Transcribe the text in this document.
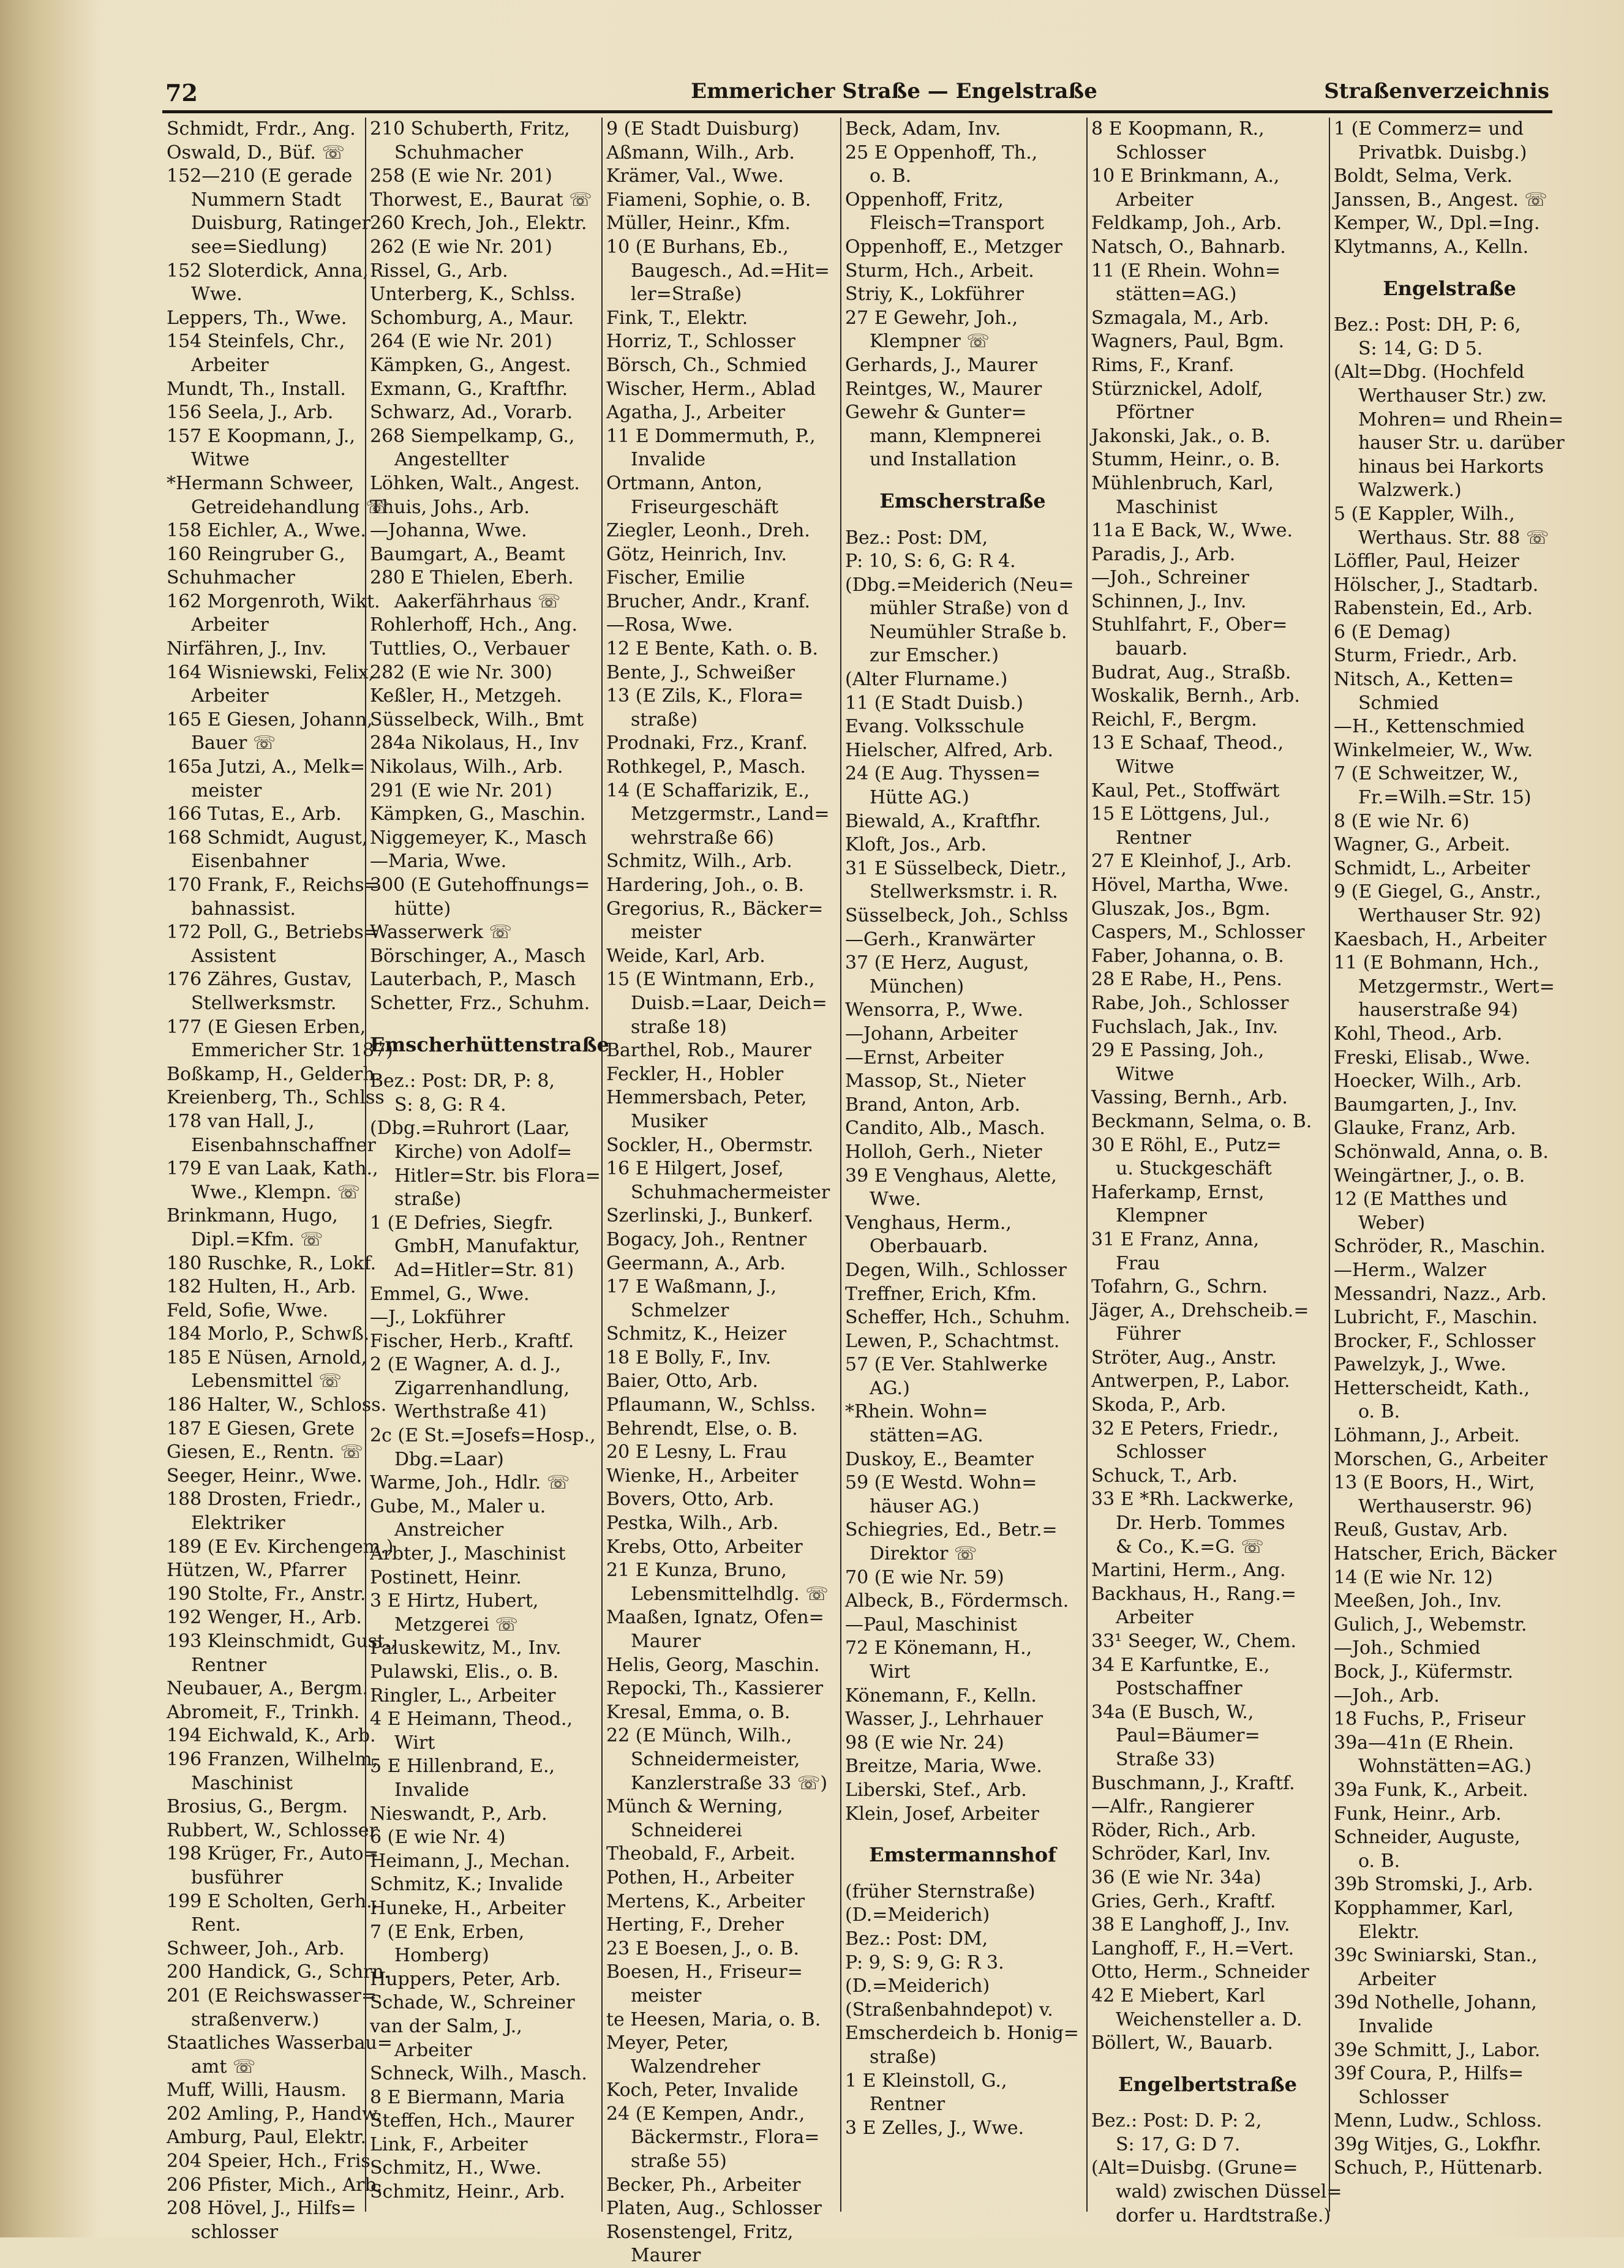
72	Emmericher Straße — Engelstraße	Straßenverzeichnis
Schmidt, Frdr., Ang.
Oswald, D., Büf. ☏
152—210 (E gerade
Nummern Stadt
Duisburg, Ratinger
see=Siedlung)
152 Sloterdick, Anna,
Wwe.
Leppers, Th., Wwe.
154 Steinfels, Chr.,
Arbeiter
Mundt, Th., Install.
156 Seela, J., Arb.
157 E Koopmann, J.,
Witwe
*Hermann Schweer,
Getreidehandlung ☏
158 Eichler, A., Wwe.
160 Reingruber G.,
Schuhmacher
162 Morgenroth, Wikt.
Arbeiter
Nirfähren, J., Inv.
164 Wisniewski, Felix,
Arbeiter
165 E Giesen, Johann,
Bauer ☏
165a Jutzi, A., Melk=
meister
166 Tutas, E., Arb.
168 Schmidt, August,
Eisenbahner
170 Frank, F., Reichs=
bahnassist.
172 Poll, G., Betriebs=
Assistent
176 Zähres, Gustav,
Stellwerksmstr.
177 (E Giesen Erben,
Emmericher Str. 187)
Boßkamp, H., Gelderh.
Kreienberg, Th., Schlss
178 van Hall, J.,
Eisenbahnschaffner
179 E van Laak, Kath.,
Wwe., Klempn. ☏
Brinkmann, Hugo,
Dipl.=Kfm. ☏
180 Ruschke, R., Lokf.
182 Hulten, H., Arb.
Feld, Sofie, Wwe.
184 Morlo, P., Schwß.
185 E Nüsen, Arnold,
Lebensmittel ☏
186 Halter, W., Schloss.
187 E Giesen, Grete
Giesen, E., Rentn. ☏
Seeger, Heinr., Wwe.
188 Drosten, Friedr.,
Elektriker
189 (E Ev. Kirchengem.)
Hützen, W., Pfarrer
190 Stolte, Fr., Anstr.
192 Wenger, H., Arb.
193 Kleinschmidt, Gust.,
Rentner
Neubauer, A., Bergm.
Abromeit, F., Trinkh.
194 Eichwald, K., Arb.
196 Franzen, Wilhelm,
Maschinist
Brosius, G., Bergm.
Rubbert, W., Schlosser
198 Krüger, Fr., Auto=
busführer
199 E Scholten, Gerh.,
Rent.
Schweer, Joh., Arb.
200 Handick, G., Schrn.
201 (E Reichswasser=
straßenverw.)
Staatliches Wasserbau=
amt ☏
Muff, Willi, Hausm.
202 Amling, P., Handw.
Amburg, Paul, Elektr.
204 Speier, Hch., Fris.
206 Pfister, Mich., Arb.
208 Hövel, J., Hilfs=
schlosser
210 Schuberth, Fritz,
Schuhmacher
258 (E wie Nr. 201)
Thorwest, E., Baurat ☏
260 Krech, Joh., Elektr.
262 (E wie Nr. 201)
Rissel, G., Arb.
Unterberg, K., Schlss.
Schomburg, A., Maur.
264 (E wie Nr. 201)
Kämpken, G., Angest.
Exmann, G., Kraftfhr.
Schwarz, Ad., Vorarb.
268 Siempelkamp, G.,
Angestellter
Löhken, Walt., Angest.
Thuis, Johs., Arb.
—Johanna, Wwe.
Baumgart, A., Beamt
280 E Thielen, Eberh.
Aakerfährhaus ☏
Rohlerhoff, Hch., Ang.
Tuttlies, O., Verbauer
282 (E wie Nr. 300)
Keßler, H., Metzgeh.
Süsselbeck, Wilh., Bmt
284a Nikolaus, H., Inv
Nikolaus, Wilh., Arb.
291 (E wie Nr. 201)
Kämpken, G., Maschin.
Niggemeyer, K., Masch
—Maria, Wwe.
300 (E Gutehoffnungs=
hütte)
Wasserwerk ☏
Börschinger, A., Masch
Lauterbach, P., Masch
Schetter, Frz., Schuhm.
Emscherhüttenstraße
Bez.: Post: DR, P: 8,
S: 8, G: R 4.
(Dbg.=Ruhrort (Laar,
Kirche) von Adolf=
Hitler=Str. bis Flora=
straße)
1 (E Defries, Siegfr.
GmbH, Manufaktur,
Ad=Hitler=Str. 81)
Emmel, G., Wwe.
—J., Lokführer
Fischer, Herb., Kraftf.
2 (E Wagner, A. d. J.,
Zigarrenhandlung,
Werthstraße 41)
2c (E St.=Josefs=Hosp.,
Dbg.=Laar)
Warme, Joh., Hdlr. ☏
Gube, M., Maler u.
Anstreicher
Arbter, J., Maschinist
Postinett, Heinr.
3 E Hirtz, Hubert,
Metzgerei ☏
Paluskewitz, M., Inv.
Pulawski, Elis., o. B.
Ringler, L., Arbeiter
4 E Heimann, Theod.,
Wirt
5 E Hillenbrand, E.,
Invalide
Nieswandt, P., Arb.
6 (E wie Nr. 4)
Heimann, J., Mechan.
Schmitz, K.; Invalide
Huneke, H., Arbeiter
7 (E Enk, Erben,
Homberg)
Huppers, Peter, Arb.
Schade, W., Schreiner
van der Salm, J.,
Arbeiter
Schneck, Wilh., Masch.
8 E Biermann, Maria
Steffen, Hch., Maurer
Link, F., Arbeiter
Schmitz, H., Wwe.
Schmitz, Heinr., Arb.
9 (E Stadt Duisburg)
Aßmann, Wilh., Arb.
Krämer, Val., Wwe.
Fiameni, Sophie, o. B.
Müller, Heinr., Kfm.
10 (E Burhans, Eb.,
Baugesch., Ad.=Hit=
ler=Straße)
Fink, T., Elektr.
Horriz, T., Schlosser
Börsch, Ch., Schmied
Wischer, Herm., Ablad
Agatha, J., Arbeiter
11 E Dommermuth, P.,
Invalide
Ortmann, Anton,
Friseurgeschäft
Ziegler, Leonh., Dreh.
Götz, Heinrich, Inv.
Fischer, Emilie
Brucher, Andr., Kranf.
—Rosa, Wwe.
12 E Bente, Kath. o. B.
Bente, J., Schweißer
13 (E Zils, K., Flora=
straße)
Prodnaki, Frz., Kranf.
Rothkegel, P., Masch.
14 (E Schaffarizik, E.,
Metzgermstr., Land=
wehrstraße 66)
Schmitz, Wilh., Arb.
Hardering, Joh., o. B.
Gregorius, R., Bäcker=
meister
Weide, Karl, Arb.
15 (E Wintmann, Erb.,
Duisb.=Laar, Deich=
straße 18)
Barthel, Rob., Maurer
Feckler, H., Hobler
Hemmersbach, Peter,
Musiker
Sockler, H., Obermstr.
16 E Hilgert, Josef,
Schuhmachermeister
Szerlinski, J., Bunkerf.
Bogacy, Joh., Rentner
Geermann, A., Arb.
17 E Waßmann, J.,
Schmelzer
Schmitz, K., Heizer
18 E Bolly, F., Inv.
Baier, Otto, Arb.
Pflaumann, W., Schlss.
Behrendt, Else, o. B.
20 E Lesny, L. Frau
Wienke, H., Arbeiter
Bovers, Otto, Arb.
Pestka, Wilh., Arb.
Krebs, Otto, Arbeiter
21 E Kunza, Bruno,
Lebensmittelhdlg. ☏
Maaßen, Ignatz, Ofen=
Maurer
Helis, Georg, Maschin.
Repocki, Th., Kassierer
Kresal, Emma, o. B.
22 (E Münch, Wilh.,
Schneidermeister,
Kanzlerstraße 33 ☏)
Münch & Werning,
Schneiderei
Theobald, F., Arbeit.
Pothen, H., Arbeiter
Mertens, K., Arbeiter
Herting, F., Dreher
23 E Boesen, J., o. B.
Boesen, H., Friseur=
meister
te Heesen, Maria, o. B.
Meyer, Peter,
Walzendreher
Koch, Peter, Invalide
24 (E Kempen, Andr.,
Bäckermstr., Flora=
straße 55)
Becker, Ph., Arbeiter
Platen, Aug., Schlosser
Rosenstengel, Fritz,
Maurer
Beck, Adam, Inv.
25 E Oppenhoff, Th.,
o. B.
Oppenhoff, Fritz,
Fleisch=Transport
Oppenhoff, E., Metzger
Sturm, Hch., Arbeit.
Striy, K., Lokführer
27 E Gewehr, Joh.,
Klempner ☏
Gerhards, J., Maurer
Reintges, W., Maurer
Gewehr & Gunter=
mann, Klempnerei
und Installation
Emscherstraße
Bez.: Post: DM,
P: 10, S: 6, G: R 4.
(Dbg.=Meiderich (Neu=
mühler Straße) von d
Neumühler Straße b.
zur Emscher.)
(Alter Flurname.)
11 (E Stadt Duisb.)
Evang. Volksschule
Hielscher, Alfred, Arb.
24 (E Aug. Thyssen=
Hütte AG.)
Biewald, A., Kraftfhr.
Kloft, Jos., Arb.
31 E Süsselbeck, Dietr.,
Stellwerksmstr. i. R.
Süsselbeck, Joh., Schlss
—Gerh., Kranwärter
37 (E Herz, August,
München)
Wensorra, P., Wwe.
—Johann, Arbeiter
—Ernst, Arbeiter
Massop, St., Nieter
Brand, Anton, Arb.
Candito, Alb., Masch.
Holloh, Gerh., Nieter
39 E Venghaus, Alette,
Wwe.
Venghaus, Herm.,
Oberbauarb.
Degen, Wilh., Schlosser
Treffner, Erich, Kfm.
Scheffer, Hch., Schuhm.
Lewen, P., Schachtmst.
57 (E Ver. Stahlwerke
AG.)
*Rhein. Wohn=
stätten=AG.
Duskoy, E., Beamter
59 (E Westd. Wohn=
häuser AG.)
Schiegries, Ed., Betr.=
Direktor ☏
70 (E wie Nr. 59)
Albeck, B., Fördermsch.
—Paul, Maschinist
72 E Könemann, H.,
Wirt
Könemann, F., Kelln.
Wasser, J., Lehrhauer
98 (E wie Nr. 24)
Breitze, Maria, Wwe.
Liberski, Stef., Arb.
Klein, Josef, Arbeiter
Emstermannshof
(früher Sternstraße)
(D.=Meiderich)
Bez.: Post: DM,
P: 9, S: 9, G: R 3.
(D.=Meiderich)
(Straßenbahndepot) v.
Emscherdeich b. Honig=
straße)
1 E Kleinstoll, G.,
Rentner
3 E Zelles, J., Wwe.
8 E Koopmann, R.,
Schlosser
10 E Brinkmann, A.,
Arbeiter
Feldkamp, Joh., Arb.
Natsch, O., Bahnarb.
11 (E Rhein. Wohn=
stätten=AG.)
Szmagala, M., Arb.
Wagners, Paul, Bgm.
Rims, F., Kranf.
Stürznickel, Adolf,
Pförtner
Jakonski, Jak., o. B.
Stumm, Heinr., o. B.
Mühlenbruch, Karl,
Maschinist
11a E Back, W., Wwe.
Paradis, J., Arb.
—Joh., Schreiner
Schinnen, J., Inv.
Stuhlfahrt, F., Ober=
bauarb.
Budrat, Aug., Straßb.
Woskalik, Bernh., Arb.
Reichl, F., Bergm.
13 E Schaaf, Theod.,
Witwe
Kaul, Pet., Stoffwärt
15 E Löttgens, Jul.,
Rentner
27 E Kleinhof, J., Arb.
Hövel, Martha, Wwe.
Gluszak, Jos., Bgm.
Caspers, M., Schlosser
Faber, Johanna, o. B.
28 E Rabe, H., Pens.
Rabe, Joh., Schlosser
Fuchslach, Jak., Inv.
29 E Passing, Joh.,
Witwe
Vassing, Bernh., Arb.
Beckmann, Selma, o. B.
30 E Röhl, E., Putz=
u. Stuckgeschäft
Haferkamp, Ernst,
Klempner
31 E Franz, Anna,
Frau
Tofahrn, G., Schrn.
Jäger, A., Drehscheib.=
Führer
Ströter, Aug., Anstr.
Antwerpen, P., Labor.
Skoda, P., Arb.
32 E Peters, Friedr.,
Schlosser
Schuck, T., Arb.
33 E *Rh. Lackwerke,
Dr. Herb. Tommes
& Co., K.=G. ☏
Martini, Herm., Ang.
Backhaus, H., Rang.=
Arbeiter
33¹ Seeger, W., Chem.
34 E Karfuntke, E.,
Postschaffner
34a (E Busch, W.,
Paul=Bäumer=
Straße 33)
Buschmann, J., Kraftf.
—Alfr., Rangierer
Röder, Rich., Arb.
Schröder, Karl, Inv.
36 (E wie Nr. 34a)
Gries, Gerh., Kraftf.
38 E Langhoff, J., Inv.
Langhoff, F., H.=Vert.
Otto, Herm., Schneider
42 E Miebert, Karl
Weichensteller a. D.
Böllert, W., Bauarb.
Engelbertstraße
Bez.: Post: D. P: 2,
S: 17, G: D 7.
(Alt=Duisbg. (Grune=
wald) zwischen Düssel=
dorfer u. Hardtstraße.)
1 (E Commerz= und
Privatbk. Duisbg.)
Boldt, Selma, Verk.
Janssen, B., Angest. ☏
Kemper, W., Dpl.=Ing.
Klytmanns, A., Kelln.
Engelstraße
Bez.: Post: DH, P: 6,
S: 14, G: D 5.
(Alt=Dbg. (Hochfeld
Werthauser Str.) zw.
Mohren= und Rhein=
hauser Str. u. darüber
hinaus bei Harkorts
Walzwerk.)
5 (E Kappler, Wilh.,
Werthaus. Str. 88 ☏
Löffler, Paul, Heizer
Hölscher, J., Stadtarb.
Rabenstein, Ed., Arb.
6 (E Demag)
Sturm, Friedr., Arb.
Nitsch, A., Ketten=
Schmied
—H., Kettenschmied
Winkelmeier, W., Ww.
7 (E Schweitzer, W.,
Fr.=Wilh.=Str. 15)
8 (E wie Nr. 6)
Wagner, G., Arbeit.
Schmidt, L., Arbeiter
9 (E Giegel, G., Anstr.,
Werthauser Str. 92)
Kaesbach, H., Arbeiter
11 (E Bohmann, Hch.,
Metzgermstr., Wert=
hauserstraße 94)
Kohl, Theod., Arb.
Freski, Elisab., Wwe.
Hoecker, Wilh., Arb.
Baumgarten, J., Inv.
Glauke, Franz, Arb.
Schönwald, Anna, o. B.
Weingärtner, J., o. B.
12 (E Matthes und
Weber)
Schröder, R., Maschin.
—Herm., Walzer
Messandri, Nazz., Arb.
Lubricht, F., Maschin.
Brocker, F., Schlosser
Pawelzyk, J., Wwe.
Hetterscheidt, Kath.,
o. B.
Löhmann, J., Arbeit.
Morschen, G., Arbeiter
13 (E Boors, H., Wirt,
Werthauserstr. 96)
Reuß, Gustav, Arb.
Hatscher, Erich, Bäcker
14 (E wie Nr. 12)
Meeßen, Joh., Inv.
Gulich, J., Webemstr.
—Joh., Schmied
Bock, J., Küfermstr.
—Joh., Arb.
18 Fuchs, P., Friseur
39a—41n (E Rhein.
Wohnstätten=AG.)
39a Funk, K., Arbeit.
Funk, Heinr., Arb.
Schneider, Auguste,
o. B.
39b Stromski, J., Arb.
Kopphammer, Karl,
Elektr.
39c Swiniarski, Stan.,
Arbeiter
39d Nothelle, Johann,
Invalide
39e Schmitt, J., Labor.
39f Coura, P., Hilfs=
Schlosser
Menn, Ludw., Schloss.
39g Witjes, G., Lokfhr.
Schuch, P., Hüttenarb.
